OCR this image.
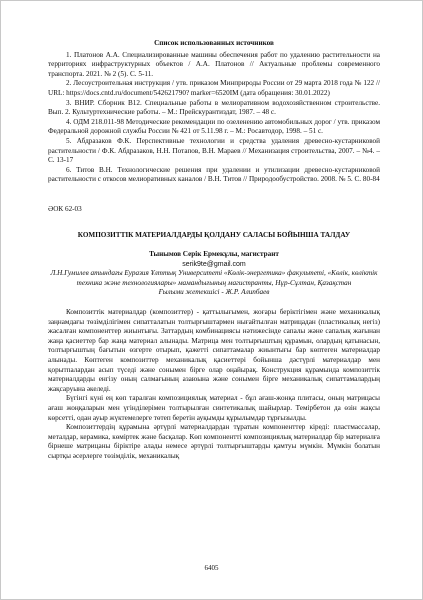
Список использованных источников

1. Платонов А.А. Специализированные машины обеспечения работ по удалению растительности на территориях инфраструктурных объектов / А.А. Платонов // Актуальные проблемы современного транспорта. 2021. № 2 (5). С. 5-11.

2. Лесоустроительная инструкция / утв. приказом Минприроды России от 29 марта 2018 года № 122 // URL: https://docs.cntd.ru/document/542621790? marker=6520IM (дата обращения: 30.01.2022)

3. ВНИР. Сборник В12. Специальные работы в мелиоративном водохозяйственном строительстве. Вып. 2. Культуртехнические работы. – М.: Прейскурантиздат, 1987. – 48 с.

4. ОДМ 218.011-98 Методические рекомендации по озеленению автомобильных дорог / утв. приказом Федеральной дорожной службы России № 421 от 5.11.98 г. – М.: Росавтодор, 1998. – 51 с.

5. Абдразаков Ф.К. Перспективные технологии и средства удаления древесно-кустарниковой растительности / Ф.К. Абдразаков, Н.Н. Потапов, В.Н. Мараев // Механизация строительства, 2007. – №4. – С. 13-17

6. Титов В.Н. Технологические решения при удалении и утилизации древесно-кустарниковой растительности с откосов мелиоративных каналов / В.Н. Титов // Природообустройство. 2008. № 5. С. 80-84

ӘОК 62-03
КОМПОЗИТТІК МАТЕРИАЛДАРДЫ ҚОЛДАНУ САЛАСЫ БОЙЫНША ТАЛДАУ
Тынымов Серік Ермекұлы, магистрант
serik9te@gmail.com
Л.Н.Гумилев атындағы Еуразия Ұлттық Университеті «Көлік-энергетика» факультеті, «Көлік, көліктік техника және технологиялары» мамандығының магистранты, Нұр-Сұлтан, Қазақстан
Ғылыми жетекшісі - Ж.Р. Алипбаев

Композиттік материалдар (композиттер) - қаттылығымен, жоғары беріктігімен және механикалық заңнамдағы төзімділігімен сипатталатын толтырғыштармен нығайтылған матрицадан (пластикалық негіз) жасалған компоненттер жиынтығы. Заттардың комбинациясы нәтижесінде сапалы және сапалық жағынан жаңа қасиеттер бар жаңа материал алынады. Матрица мен толтырғыштың құрамын, олардың қатынасын, толтырғыштың бағытын өзгерте отырып, қажетті сипаттамалар жиынтығы бар көптеген материалдар алынады. Көптеген композиттер механикалық қасиеттері бойынша дәстүрлі материалдар мен қорытпалардан асып түседі және сонымен бірге олар оңайырақ. Конструкция құрамында композиттік материалдарды енгізу оның салмағының азаюына және сонымен бірге механикалық сипаттамалардың жақсаруына әкеледі.

Бүгінгі күні ең көп таралған композициялық материал - бұл ағаш-жонқа плитасы, оның матрицасы ағаш жоңқаларын мен үгінділерімен толтырылған синтетикалық шайырлар. Темірбетон да өзін жақсы көрсетті, одан ауыр жүктемелерге төтеп беретін ауқымды құрылымдар тұрғызылды.

Композиттердің құрамына әртүрлі материалдардан тұратын компоненттер кіреді: пластмассалар, металдар, керамика, көміртек және басқалар. Көп компонентті композициялық материалдар бір материалға бірнеше матрицаны біріктіре алады немесе әртүрлі толтырғыштарды қамтуы мүмкін. Мүмкін болатын сыртқы әсерлерге төзімділік, механикалық

6405
